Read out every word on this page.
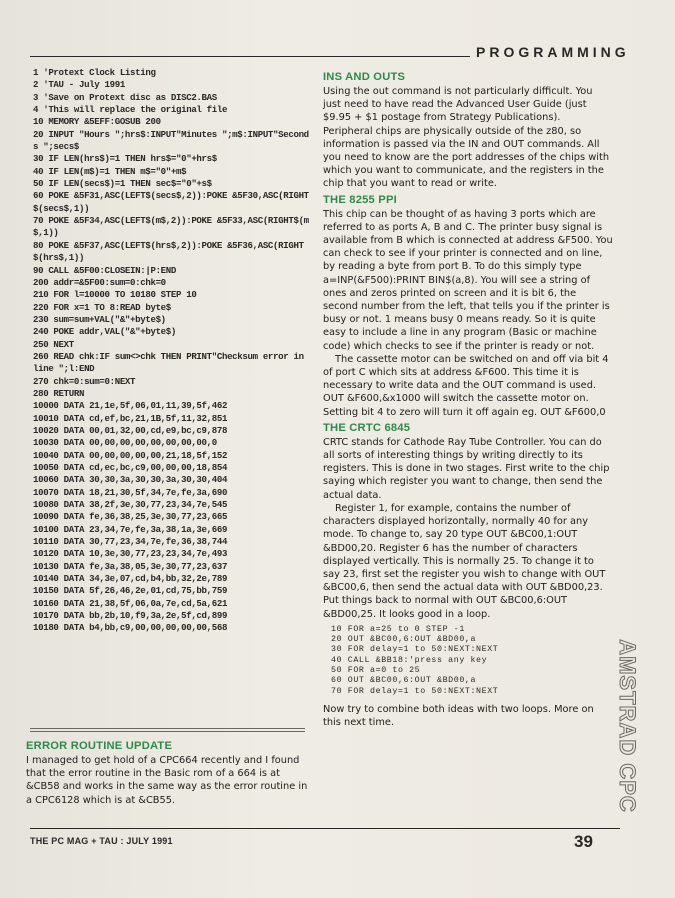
PROGRAMMING
1 'Protext Clock Listing
2 'TAU - July 1991
3 'Save on Protext disc as DISC2.BAS
4 'This will replace the original file
10 MEMORY &5EFF:GOSUB 200
20 INPUT "Hours ";hrs$:INPUT"Minutes ";m$:INPUT"Seconds ";secs$
30 IF LEN(hrs$)=1 THEN hrs$="0"+hrs$
40 IF LEN(m$)=1 THEN m$="0"+m$
50 IF LEN(secs$)=1 THEN sec$="0"+s$
60 POKE &5F31,ASC(LEFT$(secs$,2)):POKE &5F30,ASC(RIGHT$(secs$,1))
70 POKE &5F34,ASC(LEFT$(m$,2)):POKE &5F33,ASC(RIGHT$(m$,1))
80 POKE &5F37,ASC(LEFT$(hrs$,2)):POKE &5F36,ASC(RIGHT$(hrs$,1))
90 CALL &5F00:CLOSEIN:|P:END
200 addr=&5F00:sum=0:chk=0
210 FOR l=10000 TO 10180 STEP 10
220 FOR x=1 TO 8:READ byte$
230 sum=sum+VAL("&"+byte$)
240 POKE addr,VAL("&"+byte$)
250 NEXT
260 READ chk:IF sum<>chk THEN PRINT"Checksum error in line ";l:END
270 chk=0:sum=0:NEXT
280 RETURN
10000 DATA 21,1e,5f,06,01,11,39,5f,462
10010 DATA cd,ef,bc,21,1B,5f,11,32,851
10020 DATA 00,01,32,00,cd,e9,bc,c9,878
10030 DATA 00,00,00,00,00,00,00,00,0
10040 DATA 00,00,00,00,00,21,18,5f,152
10050 DATA cd,ec,bc,c9,00,00,00,18,854
10060 DATA 30,30,3a,30,30,3a,30,30,404
10070 DATA 18,21,30,5f,34,7e,fe,3a,690
10080 DATA 38,2f,3e,30,77,23,34,7e,545
10090 DATA fe,36,38,25,3e,30,77,23,665
10100 DATA 23,34,7e,fe,3a,38,1a,3e,669
10110 DATA 30,77,23,34,7e,fe,36,38,744
10120 DATA 10,3e,30,77,23,23,34,7e,493
10130 DATA fe,3a,38,05,3e,30,77,23,637
10140 DATA 34,3e,07,cd,b4,bb,32,2e,789
10150 DATA 5f,26,46,2e,01,cd,75,bb,759
10160 DATA 21,38,5f,06,0a,7e,cd,5a,621
10170 DATA bb,2b,10,f9,3a,2e,5f,cd,899
10180 DATA b4,bb,c9,00,00,00,00,00,568
ERROR ROUTINE UPDATE

I managed to get hold of a CPC664 recently and I found that the error routine in the Basic rom of a 664 is at &CB58 and works in the same way as the error routine in a CPC6128 which is at &CB55.

INS AND OUTS

Using the out command is not particularly difficult. You just need to have read the Advanced User Guide (just $9.95 + $1 postage from Strategy Publications). Peripheral chips are physically outside of the z80, so information is passed via the IN and OUT commands. All you need to know are the port addresses of the chips with which you want to communicate, and the registers in the chip that you want to read or write.

THE 8255 PPI

This chip can be thought of as having 3 ports which are referred to as ports A, B and C. The printer busy signal is available from B which is connected at address &F500. You can check to see if your printer is connected and on line, by reading a byte from port B. To do this simply type a=INP(&F500):PRINT BIN$(a,8). You will see a string of ones and zeros printed on screen and it is bit 6, the second number from the left, that tells you if the printer is busy or not. 1 means busy 0 means ready. So it is quite easy to include a line in any program (Basic or machine code) which checks to see if the printer is ready or not.

The cassette motor can be switched on and off via bit 4 of port C which sits at address &F600. This time it is necessary to write data and the OUT command is used. OUT &F600,&x1000 will switch the cassette motor on. Setting bit 4 to zero will turn it off again eg. OUT &F600,0

THE CRTC 6845

CRTC stands for Cathode Ray Tube Controller. You can do all sorts of interesting things by writing directly to its registers. This is done in two stages. First write to the chip saying which register you want to change, then send the actual data.

Register 1, for example, contains the number of characters displayed horizontally, normally 40 for any mode. To change to, say 20 type OUT &BC00,1:OUT &BD00,20. Register 6 has the number of characters displayed vertically. This is normally 25. To change it to say 23, first set the register you wish to change with OUT &BC00,6, then send the actual data with OUT &BD00,23. Put things back to normal with OUT &BC00,6:OUT &BD00,25. It looks good in a loop.

10 FOR a=25 to 0 STEP -1
20 OUT &BC00,6:OUT &BD00,a
30 FOR delay=1 to 50:NEXT:NEXT
40 CALL &BB18:'press any key
50 FOR a=0 to 25
60 OUT &BC00,6:OUT &BD00,a
70 FOR delay=1 to 50:NEXT:NEXT

Now try to combine both ideas with two loops. More on this next time.	AMSTRAD CPC
THE PC MAG + TAU : JULY 1991	39
